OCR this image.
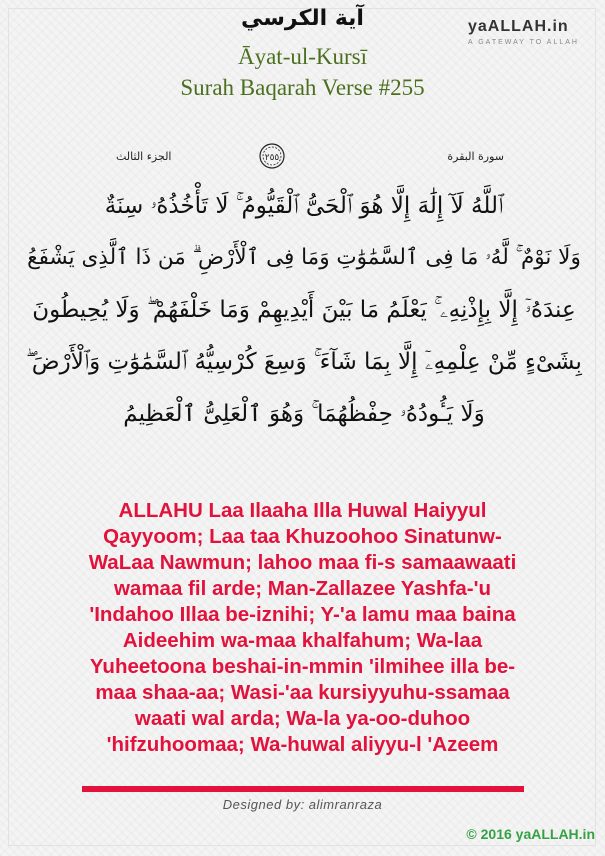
آية الكرسي
Āyat-ul-Kursī
Surah Baqarah Verse #255
yaALLAH.in
A GATEWAY TO ALLAH
الجزء الثالث	٢٥٥	سورة البقرة
ٱللَّهُ لَآ إِلَٰهَ إِلَّا هُوَ ٱلْحَىُّ ٱلْقَيُّومُ ۚ لَا تَأْخُذُهُۥ سِنَةٌ
وَلَا نَوْمٌ ۚ لَّهُۥ مَا فِى ٱلسَّمَٰوَٰتِ وَمَا فِى ٱلْأَرْضِ ۗ مَن ذَا ٱلَّذِى يَشْفَعُ
عِندَهُۥٓ إِلَّا بِإِذْنِهِۦ ۚ يَعْلَمُ مَا بَيْنَ أَيْدِيهِمْ وَمَا خَلْفَهُمْ ۖ وَلَا يُحِيطُونَ
بِشَىْءٍ مِّنْ عِلْمِهِۦٓ إِلَّا بِمَا شَآءَ ۚ وَسِعَ كُرْسِيُّهُ ٱلسَّمَٰوَٰتِ وَٱلْأَرْضَ ۖ
وَلَا يَـُٔودُهُۥ حِفْظُهُمَا ۚ وَهُوَ ٱلْعَلِىُّ ٱلْعَظِيمُ
ALLAHU Laa Ilaaha Illa Huwal Haiyyul
Qayyoom; Laa taa Khuzoohoo Sinatunw-
WaLaa Nawmun; lahoo maa fi-s samaawaati
wamaa fil arde; Man-Zallazee Yashfa-'u
'Indahoo Illaa be-iznihi; Y-'a lamu maa baina
Aideehim wa-maa khalfahum; Wa-laa
Yuheetoona beshai-in-mmin 'ilmihee illa be-
maa shaa-aa; Wasi-'aa kursiyyuhu-ssamaa
waati wal arda; Wa-la ya-oo-duhoo
'hifzuhoomaa; Wa-huwal aliyyu-l 'Azeem
Designed by: alimranraza
© 2016 yaALLAH.in
